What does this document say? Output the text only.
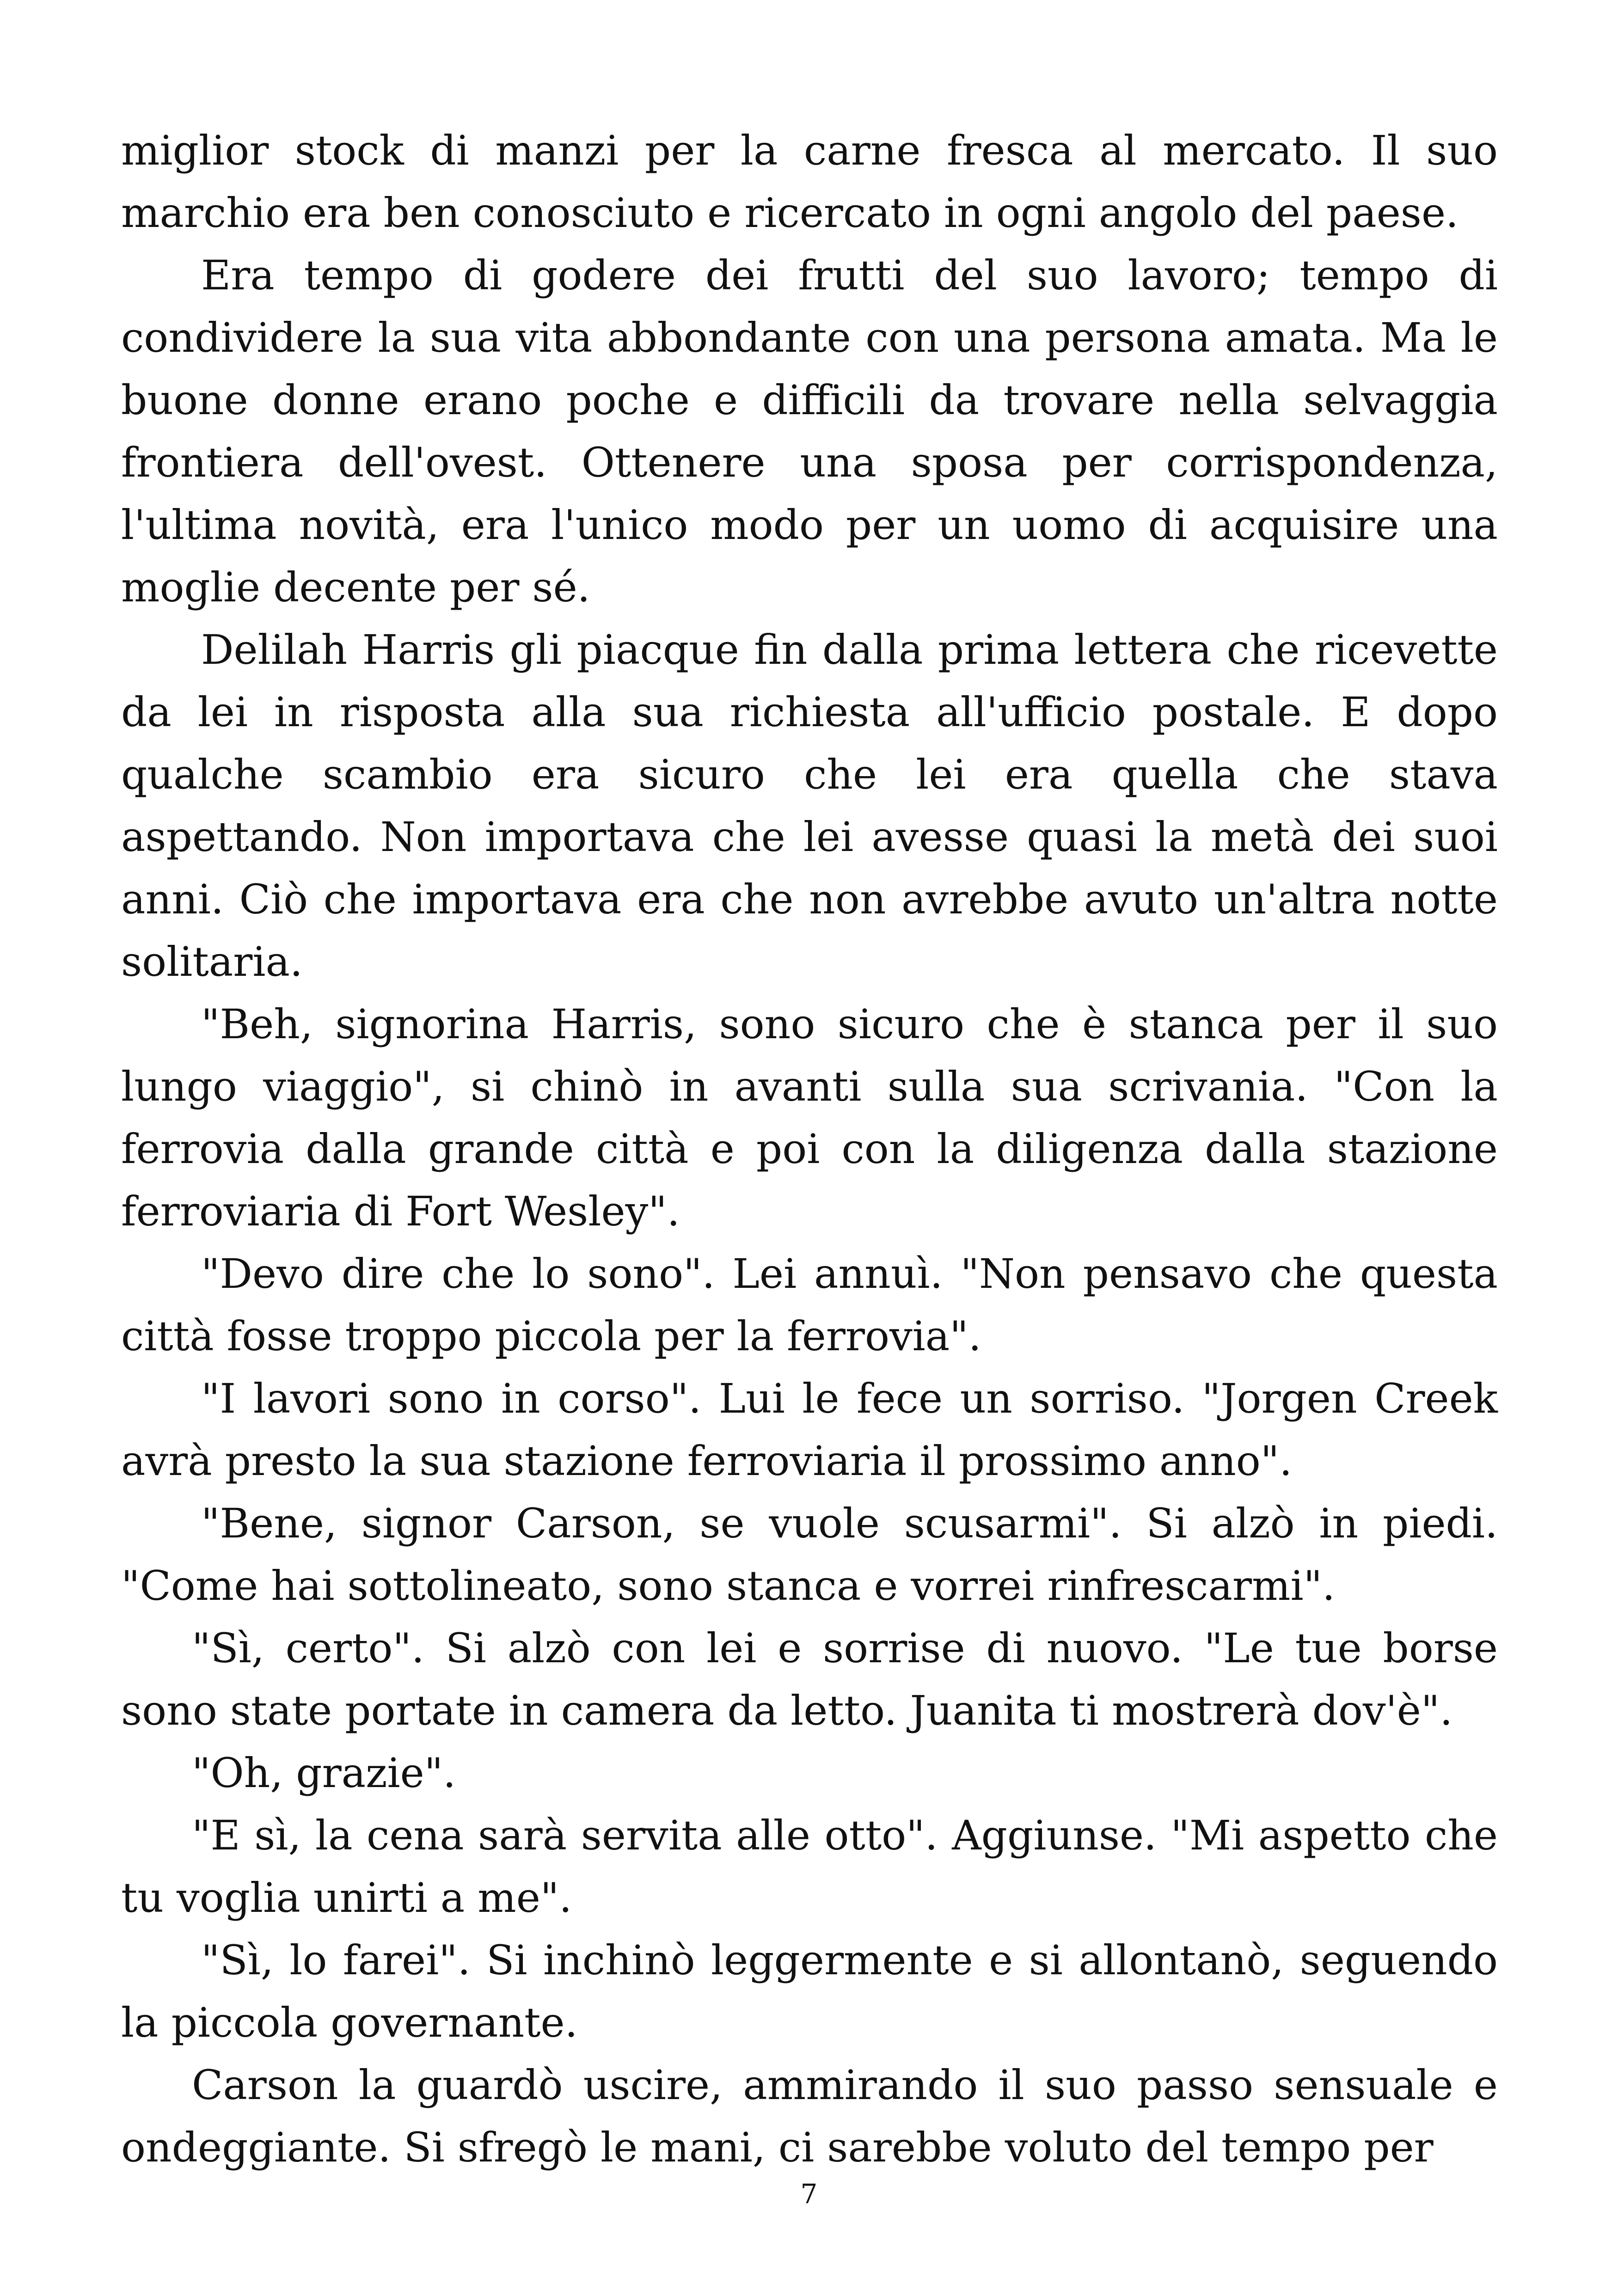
miglior stock di manzi per la carne fresca al mercato. Il suo marchio era ben conosciuto e ricercato in ogni angolo del paese.

Era tempo di godere dei frutti del suo lavoro; tempo di condividere la sua vita abbondante con una persona amata. Ma le buone donne erano poche e difficili da trovare nella selvaggia frontiera dell'ovest. Ottenere una sposa per corrispondenza, l'ultima novità, era l'unico modo per un uomo di acquisire una moglie decente per sé.

Delilah Harris gli piacque fin dalla prima lettera che ricevette da lei in risposta alla sua richiesta all'ufficio postale. E dopo qualche scambio era sicuro che lei era quella che stava aspettando. Non importava che lei avesse quasi la metà dei suoi anni. Ciò che importava era che non avrebbe avuto un'altra notte solitaria.

"Beh, signorina Harris, sono sicuro che è stanca per il suo lungo viaggio", si chinò in avanti sulla sua scrivania. "Con la ferrovia dalla grande città e poi con la diligenza dalla stazione ferroviaria di Fort Wesley".

"Devo dire che lo sono". Lei annuì. "Non pensavo che questa città fosse troppo piccola per la ferrovia".

"I lavori sono in corso". Lui le fece un sorriso. "Jorgen Creek avrà presto la sua stazione ferroviaria il prossimo anno".

"Bene, signor Carson, se vuole scusarmi". Si alzò in piedi. "Come hai sottolineato, sono stanca e vorrei rinfrescarmi".

"Sì, certo". Si alzò con lei e sorrise di nuovo. "Le tue borse sono state portate in camera da letto. Juanita ti mostrerà dov'è".

"Oh, grazie".

"E sì, la cena sarà servita alle otto". Aggiunse. "Mi aspetto che tu voglia unirti a me".

"Sì, lo farei". Si inchinò leggermente e si allontanò, seguendo la piccola governante.

Carson la guardò uscire, ammirando il suo passo sensuale e ondeggiante. Si sfregò le mani, ci sarebbe voluto del tempo per

7
